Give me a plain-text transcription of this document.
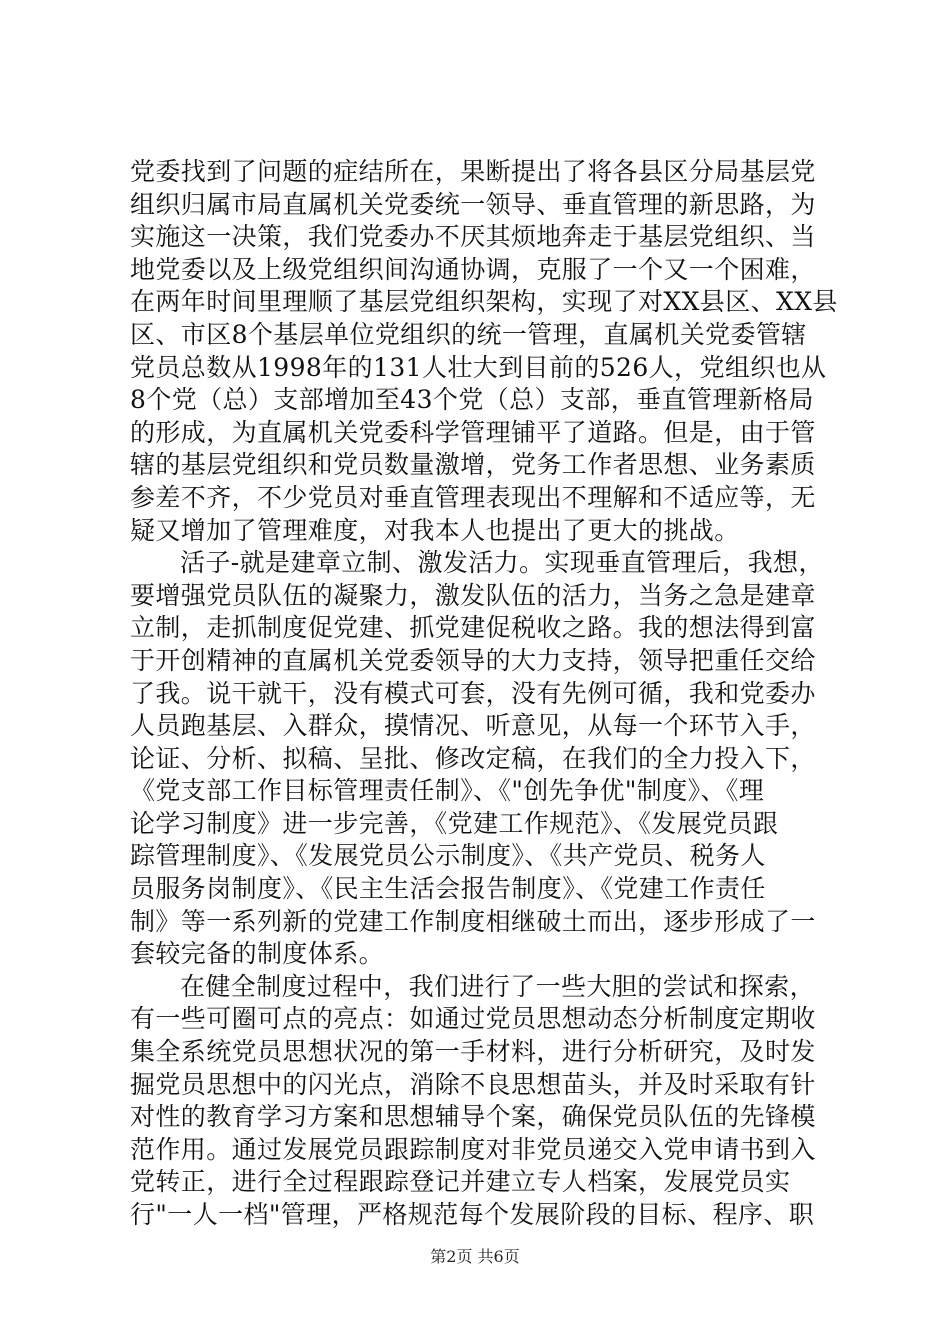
党委找到了问题的症结所在，果断提出了将各县区分局基层党
组织归属市局直属机关党委统一领导、垂直管理的新思路，为
实施这一决策，我们党委办不厌其烦地奔走于基层党组织、当
地党委以及上级党组织间沟通协调，克服了一个又一个困难，
在两年时间里理顺了基层党组织架构，实现了对XX县区、XX县
区、市区8个基层单位党组织的统一管理，直属机关党委管辖
党员总数从1998年的131人壮大到目前的526人，党组织也从
8个党（总）支部增加至43个党（总）支部，垂直管理新格局
的形成，为直属机关党委科学管理铺平了道路。但是，由于管
辖的基层党组织和党员数量激增，党务工作者思想、业务素质
参差不齐，不少党员对垂直管理表现出不理解和不适应等，无
疑又增加了管理难度，对我本人也提出了更大的挑战。
活子-就是建章立制、激发活力。实现垂直管理后，我想，
要增强党员队伍的凝聚力，激发队伍的活力，当务之急是建章
立制，走抓制度促党建、抓党建促税收之路。我的想法得到富
于开创精神的直属机关党委领导的大力支持，领导把重任交给
了我。说干就干，没有模式可套，没有先例可循，我和党委办
人员跑基层、入群众，摸情况、听意见，从每一个环节入手，
论证、分析、拟稿、呈批、修改定稿，在我们的全力投入下，
《党支部工作目标管理责任制》、《"创先争优"制度》、《理
论学习制度》进一步完善，《党建工作规范》、《发展党员跟
踪管理制度》、《发展党员公示制度》、《共产党员、税务人
员服务岗制度》、《民主生活会报告制度》、《党建工作责任
制》等一系列新的党建工作制度相继破土而出，逐步形成了一
套较完备的制度体系。
在健全制度过程中，我们进行了一些大胆的尝试和探索，
有一些可圈可点的亮点：如通过党员思想动态分析制度定期收
集全系统党员思想状况的第一手材料，进行分析研究，及时发
掘党员思想中的闪光点，消除不良思想苗头，并及时采取有针
对性的教育学习方案和思想辅导个案，确保党员队伍的先锋模
范作用。通过发展党员跟踪制度对非党员递交入党申请书到入
党转正，进行全过程跟踪登记并建立专人档案，发展党员实
行"一人一档"管理，严格规范每个发展阶段的目标、程序、职
第2页 共6页
